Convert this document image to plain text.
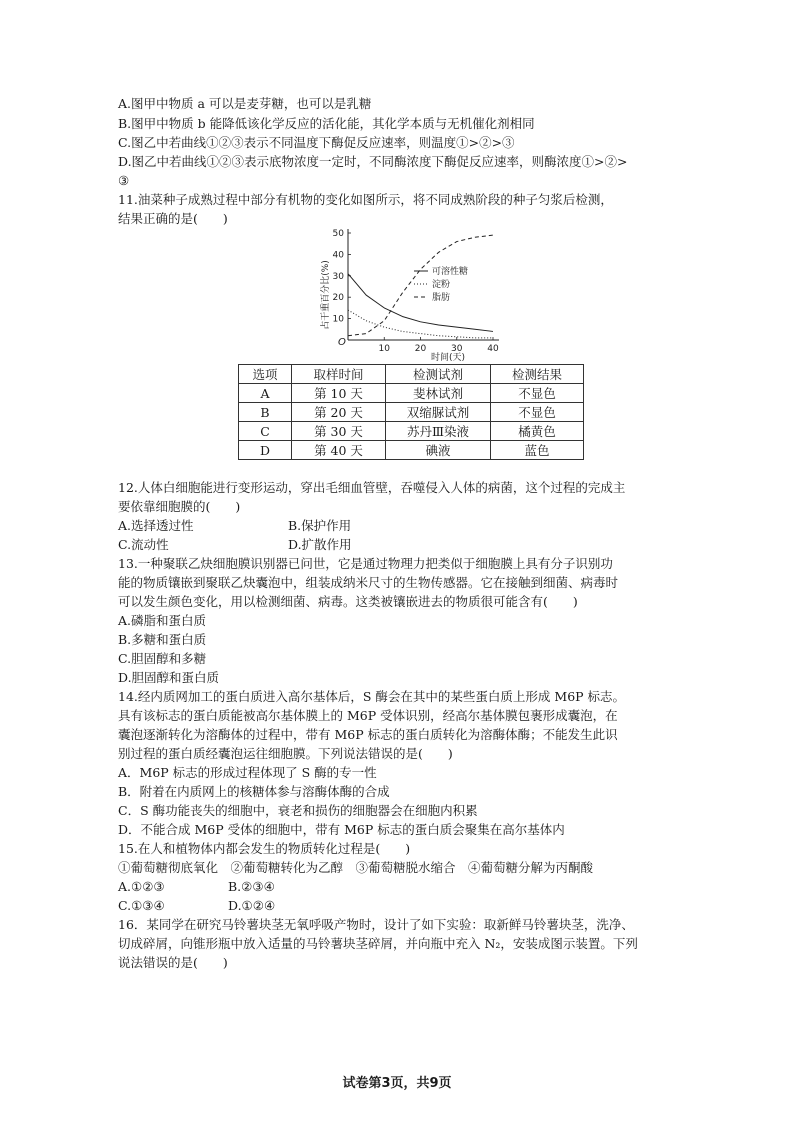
A.图甲中物质 a 可以是麦芽糖，也可以是乳糖
B.图甲中物质 b 能降低该化学反应的活化能，其化学本质与无机催化剂相同
C.图乙中若曲线①②③表示不同温度下酶促反应速率，则温度①>②>③
D.图乙中若曲线①②③表示底物浓度一定时，不同酶浓度下酶促反应速率，则酶浓度①>②>
③
11.油菜种子成熟过程中部分有机物的变化如图所示，将不同成熟阶段的种子匀浆后检测，
结果正确的是(　　)
10	20	30	40
10
20
30
40
50
可溶性糖
淀粉
脂肪
占干重百分比(%)
时间(天)
O
选项	取样时间	检测试剂	检测结果
A	第 10 天	斐林试剂	不显色
B	第 20 天	双缩脲试剂	不显色
C	第 30 天	苏丹Ⅲ染液	橘黄色
D	第 40 天	碘液	蓝色
12.人体白细胞能进行变形运动，穿出毛细血管壁，吞噬侵入人体的病菌，这个过程的完成主
要依靠细胞膜的(　　)
A.选择透过性	B.保护作用
C.流动性	D.扩散作用
13.一种聚联乙炔细胞膜识别器已问世，它是通过物理力把类似于细胞膜上具有分子识别功
能的物质镶嵌到聚联乙炔囊泡中，组装成纳米尺寸的生物传感器。它在接触到细菌、病毒时
可以发生颜色变化，用以检测细菌、病毒。这类被镶嵌进去的物质很可能含有(　　)
A.磷脂和蛋白质
B.多糖和蛋白质
C.胆固醇和多糖
D.胆固醇和蛋白质
14.经内质网加工的蛋白质进入高尔基体后，S 酶会在其中的某些蛋白质上形成 M6P 标志。
具有该标志的蛋白质能被高尔基体膜上的 M6P 受体识别，经高尔基体膜包裹形成囊泡，在
囊泡逐渐转化为溶酶体的过程中，带有 M6P 标志的蛋白质转化为溶酶体酶；不能发生此识
别过程的蛋白质经囊泡运往细胞膜。下列说法错误的是(　　)
A．M6P 标志的形成过程体现了 S 酶的专一性
B．附着在内质网上的核糖体参与溶酶体酶的合成
C．S 酶功能丧失的细胞中，衰老和损伤的细胞器会在细胞内积累
D．不能合成 M6P 受体的细胞中，带有 M6P 标志的蛋白质会聚集在高尔基体内
15.在人和植物体内都会发生的物质转化过程是(　　)
①葡萄糖彻底氧化　②葡萄糖转化为乙醇　③葡萄糖脱水缩合　④葡萄糖分解为丙酮酸
A.①②③	B.②③④
C.①③④	D.①②④
16．某同学在研究马铃薯块茎无氧呼吸产物时，设计了如下实验：取新鲜马铃薯块茎，洗净、
切成碎屑，向锥形瓶中放入适量的马铃薯块茎碎屑，并向瓶中充入 N₂，安装成图示装置。下列
说法错误的是(　　)
试卷第3页，共9页
